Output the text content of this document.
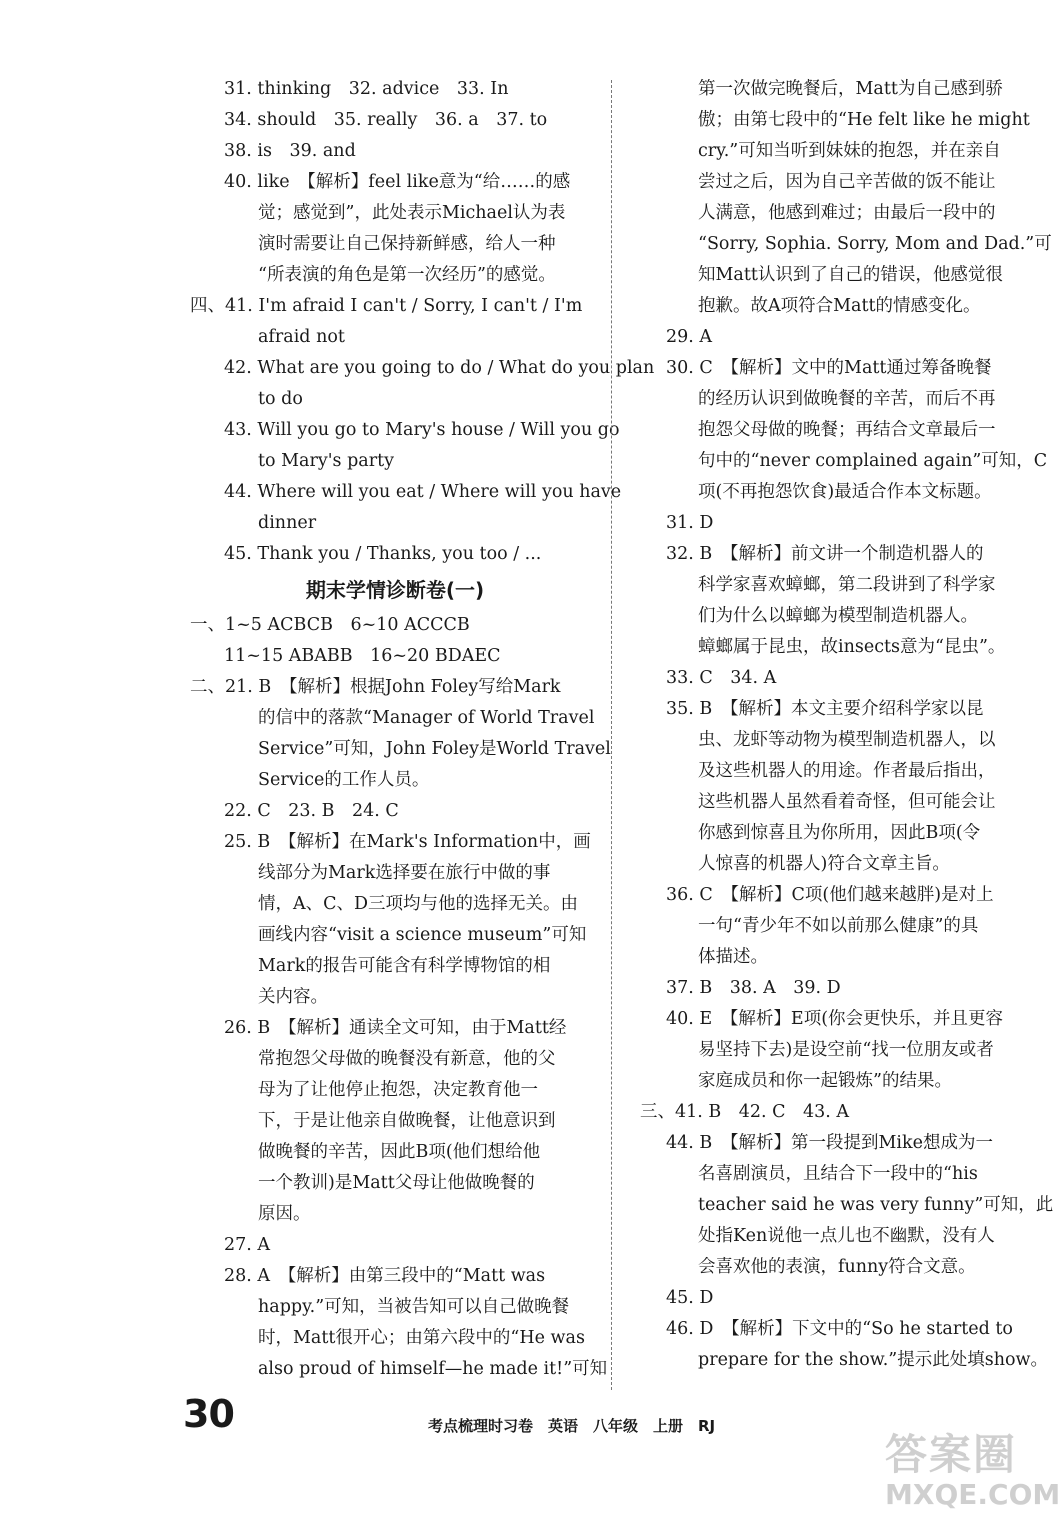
31. thinking　32. advice　33. In
34. should　35. really　36. a　37. to
38. is　39. and
40. like　【解析】feel like意为“给……的感
觉；感觉到”，此处表示Michael认为表
演时需要让自己保持新鲜感，给人一种
“所表演的角色是第一次经历”的感觉。
四、41. I'm afraid I can't / Sorry, I can't / I'm
afraid not
42. What are you going to do / What do you plan
to do
43. Will you go to Mary's house / Will you go
to Mary's party
44. Where will you eat / Where will you have
dinner
45. Thank you / Thanks, you too / ...
期末学情诊断卷(一)
一、1~5 ACBCB　6~10 ACCCB
11~15 ABABB　16~20 BDAEC
二、21. B　【解析】根据John Foley写给Mark
的信中的落款“Manager of World Travel
Service”可知，John Foley是World Travel
Service的工作人员。
22. C　23. B　24. C
25. B　【解析】在Mark's Information中，画
线部分为Mark选择要在旅行中做的事
情，A、C、D三项均与他的选择无关。由
画线内容“visit a science museum”可知
Mark的报告可能含有科学博物馆的相
关内容。
26. B　【解析】通读全文可知，由于Matt经
常抱怨父母做的晚餐没有新意，他的父
母为了让他停止抱怨，决定教育他一
下，于是让他亲自做晚餐，让他意识到
做晚餐的辛苦，因此B项(他们想给他
一个教训)是Matt父母让他做晚餐的
原因。
27. A
28. A　【解析】由第三段中的“Matt was
happy.”可知，当被告知可以自己做晚餐
时，Matt很开心；由第六段中的“He was
also proud of himself—he made it!”可知
第一次做完晚餐后，Matt为自己感到骄
傲；由第七段中的“He felt like he might
cry.”可知当听到妹妹的抱怨，并在亲自
尝过之后，因为自己辛苦做的饭不能让
人满意，他感到难过；由最后一段中的
“Sorry, Sophia. Sorry, Mom and Dad.”可
知Matt认识到了自己的错误，他感觉很
抱歉。故A项符合Matt的情感变化。
29. A
30. C　【解析】文中的Matt通过筹备晚餐
的经历认识到做晚餐的辛苦，而后不再
抱怨父母做的晚餐；再结合文章最后一
句中的“never complained again”可知，C
项(不再抱怨饮食)最适合作本文标题。
31. D
32. B　【解析】前文讲一个制造机器人的
科学家喜欢蟑螂，第二段讲到了科学家
们为什么以蟑螂为模型制造机器人。
蟑螂属于昆虫，故insects意为“昆虫”。
33. C　34. A
35. B　【解析】本文主要介绍科学家以昆
虫、龙虾等动物为模型制造机器人，以
及这些机器人的用途。作者最后指出，
这些机器人虽然看着奇怪，但可能会让
你感到惊喜且为你所用，因此B项(令
人惊喜的机器人)符合文章主旨。
36. C　【解析】C项(他们越来越胖)是对上
一句“青少年不如以前那么健康”的具
体描述。
37. B　38. A　39. D
40. E　【解析】E项(你会更快乐，并且更容
易坚持下去)是设空前“找一位朋友或者
家庭成员和你一起锻炼”的结果。
三、41. B　42. C　43. A
44. B　【解析】第一段提到Mike想成为一
名喜剧演员，且结合下一段中的“his
teacher said he was very funny”可知，此
处指Ken说他一点儿也不幽默，没有人
会喜欢他的表演，funny符合文意。
45. D
46. D　【解析】下文中的“So he started to
prepare for the show.”提示此处填show。
30	考点梳理时习卷　英语　八年级　上册　RJ
答案圈
MXQE.COM
